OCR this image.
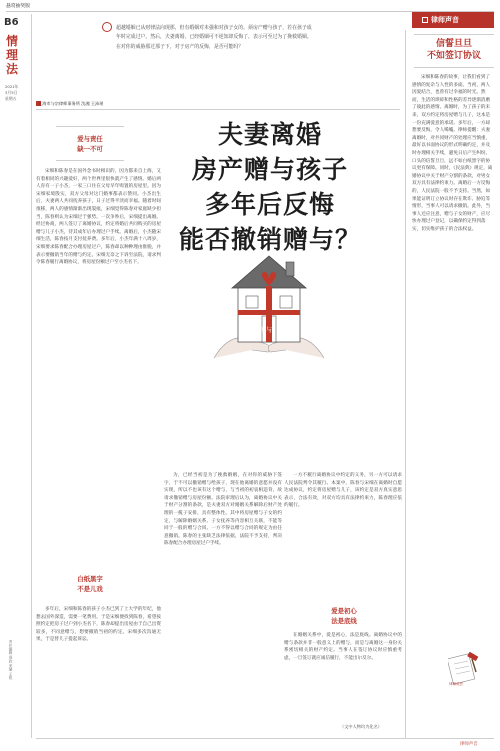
悬赏抽奖版
律师声音
B6
情理法
2021年
3月5日
星期五
责任编辑 周欣 美编 王锐
超越婚姻已从财律法向现那，但有婚姻对未强和对孩子女的。须房产赠与孩子，若在孩子成年时完成过户。然后，夫妻离婚，已经婚姻可不逆知却反悔了，表示可至过为了挽救婚姻。在对你的威胁那过那子下，对于房产的反悔，是否可能吗？
上海市与宗律师事务所 沈湘 王沛瑶
夫妻离婚
房产赠与孩子
多年后反悔
能否撤销赠与？
赠与
爱与责任
缺一不可

宋细和陈春是在国外念书时相识的，因为都来自上海，又有着相同的兴趣爱好，两个世界里很快就产生了感情。婚后两人育有一子小杰，一家三口住在父母早年购置的房屋里。因为宋细家境殷实，双方父母对这门婚事都表示赞同。小杰出生后，夫妻两人共同抚养孩子，日子过得平淡而幸福。随着时间推移，两人的感情渐渐出现裂痕，宋细觉得陈春对家庭缺少担当，陈春则认为宋细过于强势。一次争吵后，宋细提出离婚。经过协商，两人签订了离婚协议，约定将婚后共同购买的房屋赠与儿子小杰，待其成年后办理过户手续。离婚后，小杰随宋细生活，陈春按月支付抚养费。多年后，小杰年满十八周岁，宋细要求陈春配合办理房屋过户，陈春却以种种理由推脱，并表示要撤销当年的赠与约定。宋细无奈之下诉至法院，请求判令陈春履行离婚协议，将房屋份额过户至小杰名下。

白纸黑字
不是儿戏

多年后，宋细和陈春的孩子小杰已到了上大学的年纪，他想去国外深造，需要一笔费用。于是宋细便找到陈春，希望按照约定把房子过户到小杰名下，陈春却提出房屋由于自己出资较多，不同意赠与，想要撤销当初的约定。宋细多次沟通无果，于是替儿子提起诉讼。

为，已经当初是为了挽救婚姻，在对你的威胁下签字，于不可以撤销赠与给孩子，现在他离婚的意愿并没有实现，所以不也该有这个赠与，与当初的初衷相违背，故请求撤销赠与房屋份额。法院审理后认为，离婚协议中关于财产分割的条款，是夫妻双方对婚姻关系解除后财产处理的一揽子安排，具有整体性。其中将房屋赠与子女的约定，与解除婚姻关系、子女抚养等内容相互关联，不能等同于一般的赠与合同。一方不得以赠与合同的规定为由任意撤销。陈春的主张缺乏法律依据，法院不予支持，判决陈春配合办理房屋过户手续。

一方不履行离婚协议中约定的义务，另一方可以请求人民法院判令其履行。本案中，陈春与宋细在离婚时自愿达成协议，约定将房屋赠与儿子，该约定是双方真实意思表示，合法有效，对双方均具有法律约束力，陈春理应依约履行。

爱是初心
法是底线

在婚姻关系中，爱是初心，法是底线。离婚协议中的赠与条款并非一般意义上的赠与，而是与离婚这一身份关系密切相关的财产约定。当事人在签订协议时应慎重考虑，一旦签订就应诚信履行，不能出尔反尔。

（文中人物均为化名）
信誓旦旦
不如签订协议

宋细和陈春的故事，让我们看到了感情的复杂与人性的多面。当初，两人因爱结合，也曾有过幸福的时光。然而，生活的琐碎和性格的差异逐渐消磨了彼此的感情。离婚时，为了孩子的未来，双方约定将房屋赠与儿子，这本是一份充满爱意的承诺。多年后，一方却想要反悔，令人唏嘘。律师提醒：夫妻离婚时，对共同财产的处理应当慎重，最好以书面协议的形式明确约定，并及时办理相关手续，避免日后产生纠纷。口头的信誓旦旦，远不如白纸黑字的协议更有保障。同时，《民法典》规定，离婚协议中关于财产分割的条款，对男女双方具有法律约束力。离婚后一方反悔的，人民法院一般不予支持。当然，如果能证明订立协议时存在欺诈、胁迫等情形，当事人可以请求撤销。此外，当事人还应注意，赠与子女的财产，应尽快办理过户登记，以确保约定得到落实，切实维护孩子的合法权益。

律师说法
律师声音
